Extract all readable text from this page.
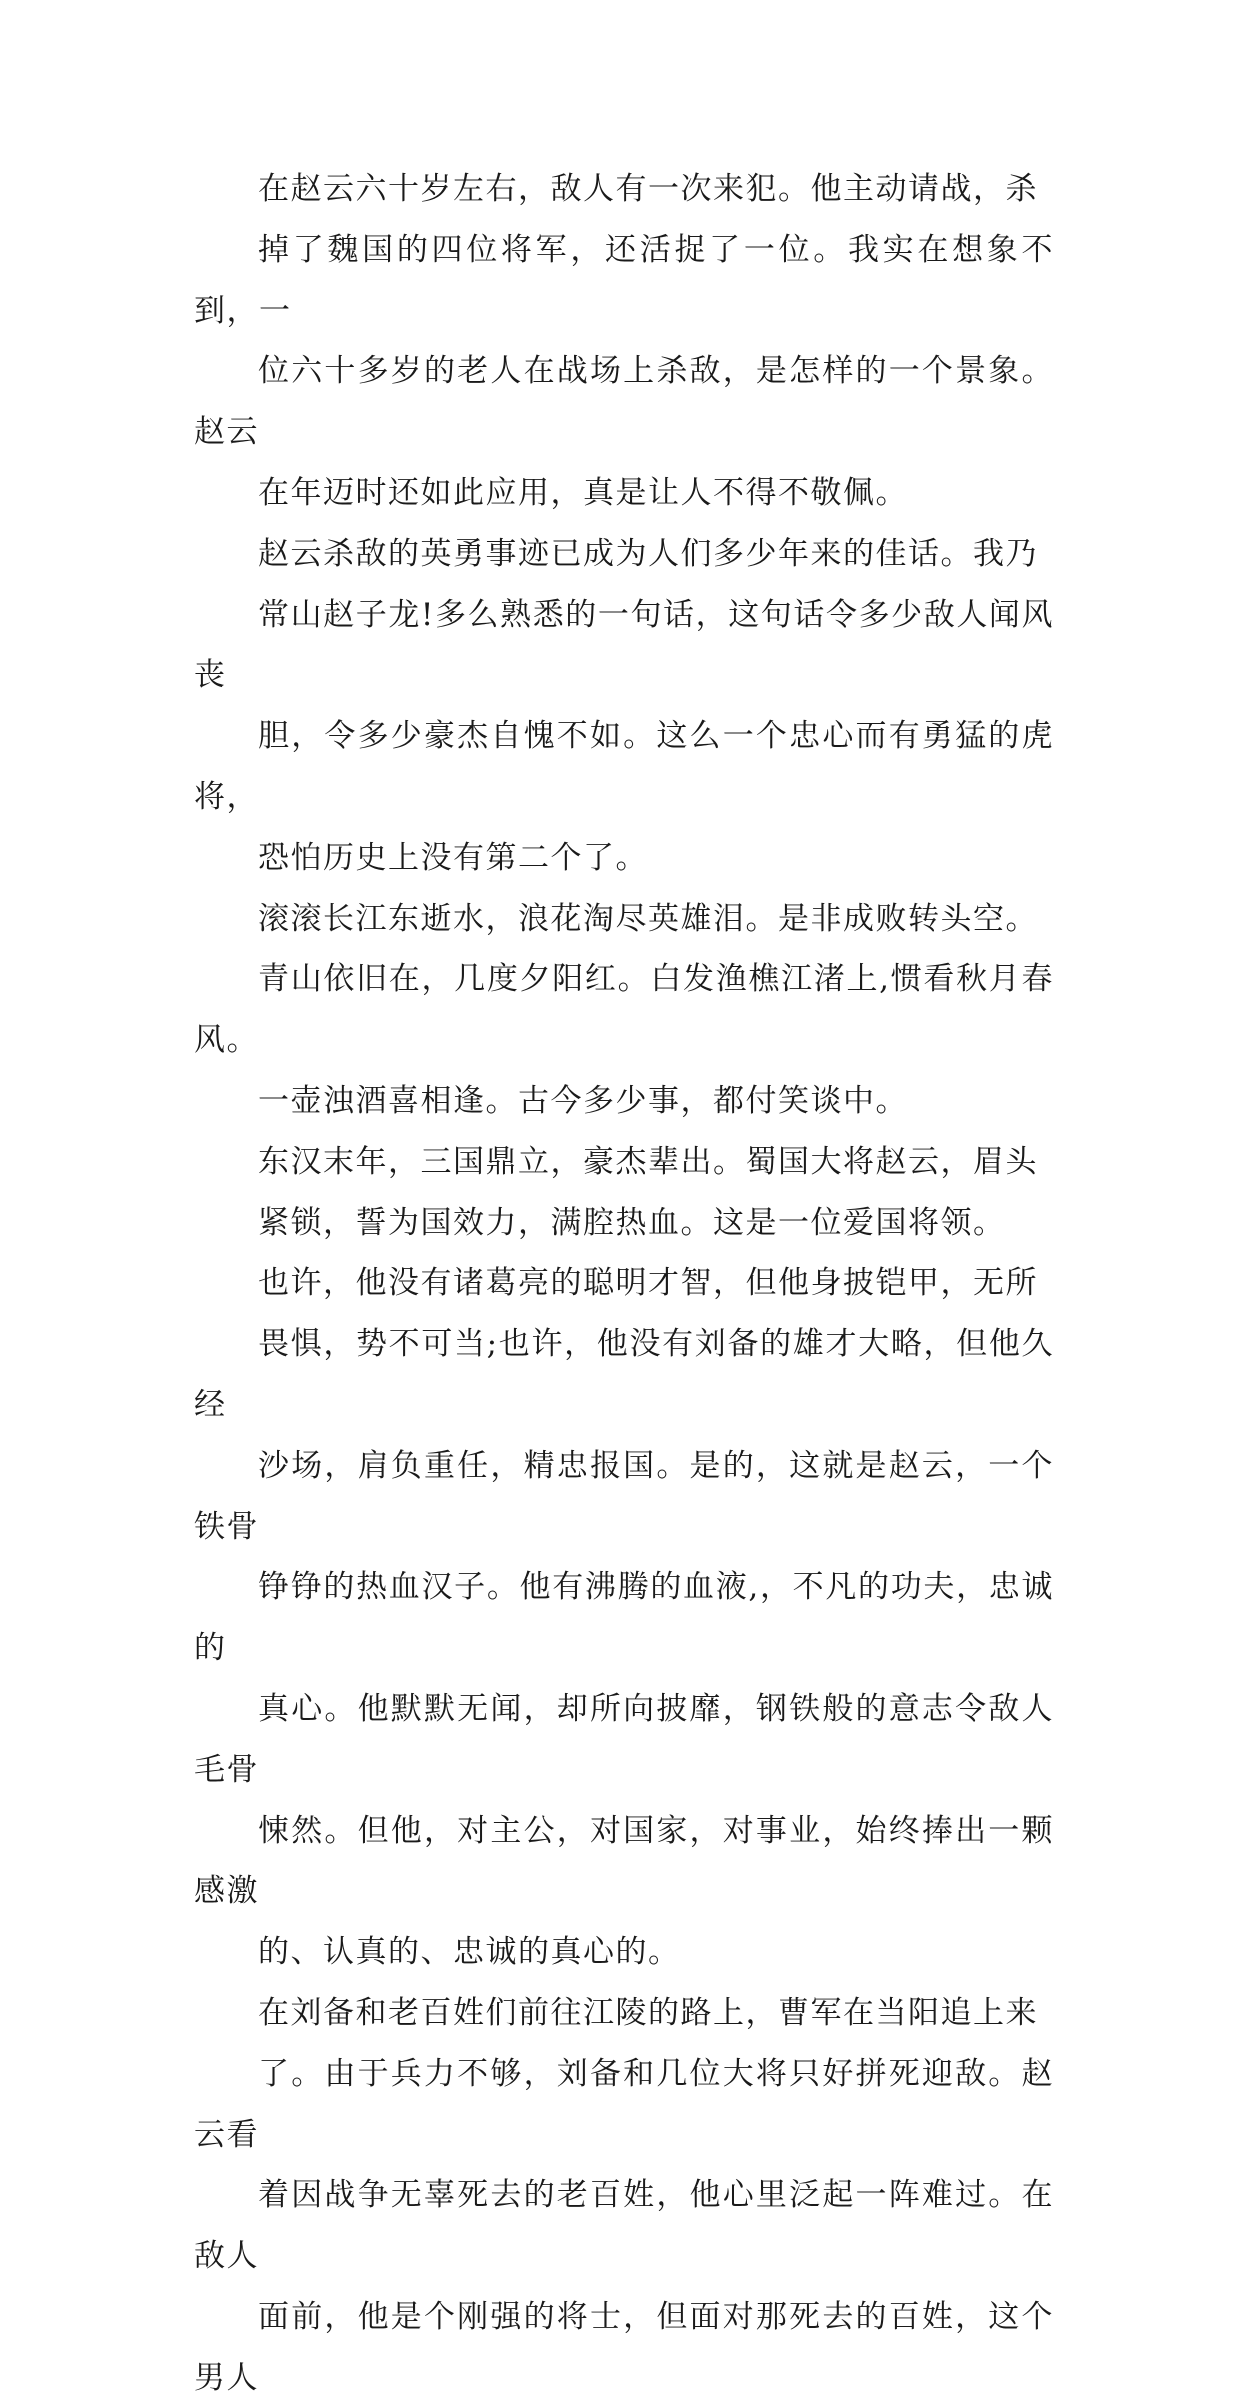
在赵云六十岁左右，敌人有一次来犯。他主动请战，杀
掉了魏国的四位将军，还活捉了一位。我实在想象不到，一
位六十多岁的老人在战场上杀敌，是怎样的一个景象。赵云
在年迈时还如此应用，真是让人不得不敬佩。

赵云杀敌的英勇事迹已成为人们多少年来的佳话。我乃
常山赵子龙!多么熟悉的一句话，这句话令多少敌人闻风丧
胆，令多少豪杰自愧不如。这么一个忠心而有勇猛的虎将，
恐怕历史上没有第二个了。

滚滚长江东逝水，浪花淘尽英雄泪。是非成败转头空。
青山依旧在，几度夕阳红。白发渔樵江渚上,惯看秋月春风。
一壶浊酒喜相逢。古今多少事，都付笑谈中。

东汉末年，三国鼎立，豪杰辈出。蜀国大将赵云，眉头
紧锁，誓为国效力，满腔热血。这是一位爱国将领。

也许，他没有诸葛亮的聪明才智，但他身披铠甲，无所
畏惧，势不可当;也许，他没有刘备的雄才大略，但他久经
沙场，肩负重任，精忠报国。是的，这就是赵云，一个铁骨
铮铮的热血汉子。他有沸腾的血液,，不凡的功夫，忠诚的
真心。他默默无闻，却所向披靡，钢铁般的意志令敌人毛骨
悚然。但他，对主公，对国家，对事业，始终捧出一颗感激
的、认真的、忠诚的真心的。

在刘备和老百姓们前往江陵的路上，曹军在当阳追上来
了。由于兵力不够，刘备和几位大将只好拼死迎敌。赵云看
着因战争无辜死去的老百姓，他心里泛起一阵难过。在敌人
面前，他是个刚强的将士，但面对那死去的百姓，这个男人
